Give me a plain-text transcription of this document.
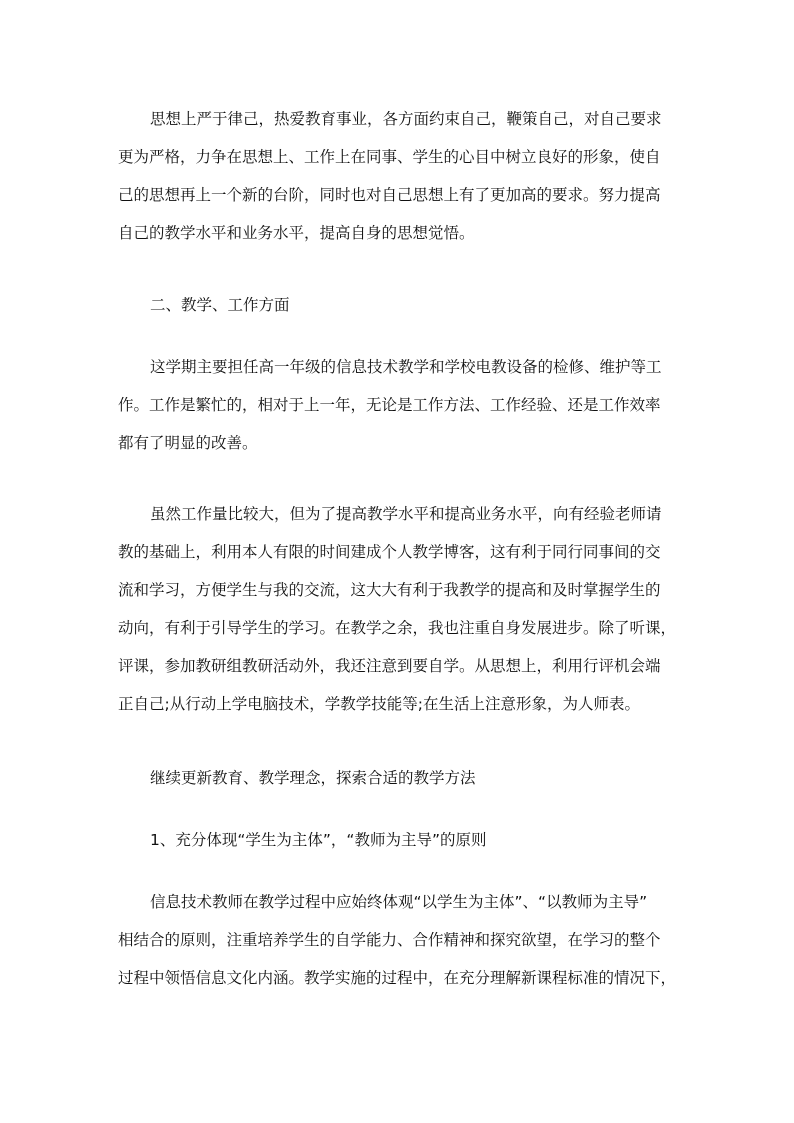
思想上严于律己，热爱教育事业，各方面约束自己，鞭策自己，对自己要求
更为严格，力争在思想上、工作上在同事、学生的心目中树立良好的形象，使自
己的思想再上一个新的台阶，同时也对自己思想上有了更加高的要求。努力提高
自己的教学水平和业务水平，提高自身的思想觉悟。
二、教学、工作方面
这学期主要担任高一年级的信息技术教学和学校电教设备的检修、维护等工
作。工作是繁忙的，相对于上一年，无论是工作方法、工作经验、还是工作效率
都有了明显的改善。
虽然工作量比较大，但为了提高教学水平和提高业务水平，向有经验老师请
教的基础上，利用本人有限的时间建成个人教学博客，这有利于同行同事间的交
流和学习，方便学生与我的交流，这大大有利于我教学的提高和及时掌握学生的
动向，有利于引导学生的学习。在教学之余，我也注重自身发展进步。除了听课，
评课，参加教研组教研活动外，我还注意到要自学。从思想上，利用行评机会端
正自己;从行动上学电脑技术，学教学技能等;在生活上注意形象，为人师表。
继续更新教育、教学理念，探索合适的教学方法
1、充分体现“学生为主体”，“教师为主导”的原则
信息技术教师在教学过程中应始终体观“以学生为主体”、“以教师为主导”
相结合的原则，注重培养学生的自学能力、合作精神和探究欲望，在学习的整个
过程中领悟信息文化内涵。教学实施的过程中，在充分理解新课程标准的情况下，
